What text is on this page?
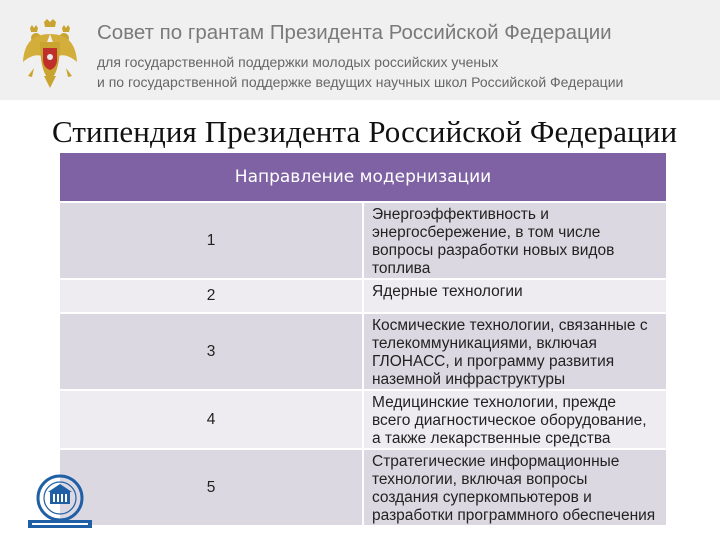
Совет по грантам Президента Российской Федерации
для государственной поддержки молодых российских ученых
и по государственной поддержке ведущих научных школ Российской Федерации
Стипендия Президента Российской Федерации
Направление модернизации	
1	Энергоэффективность и энергосбережение, в том числе вопросы разработки новых видов топлива
2	Ядерные технологии
3	Космические технологии, связанные с телекоммуникациями, включая ГЛОНАСС, и программу развития наземной инфраструктуры
4	Медицинские технологии, прежде всего диагностическое оборудование, а также лекарственные средства
5	Стратегические информационные технологии, включая вопросы создания суперкомпьютеров и разработки программного обеспечения
